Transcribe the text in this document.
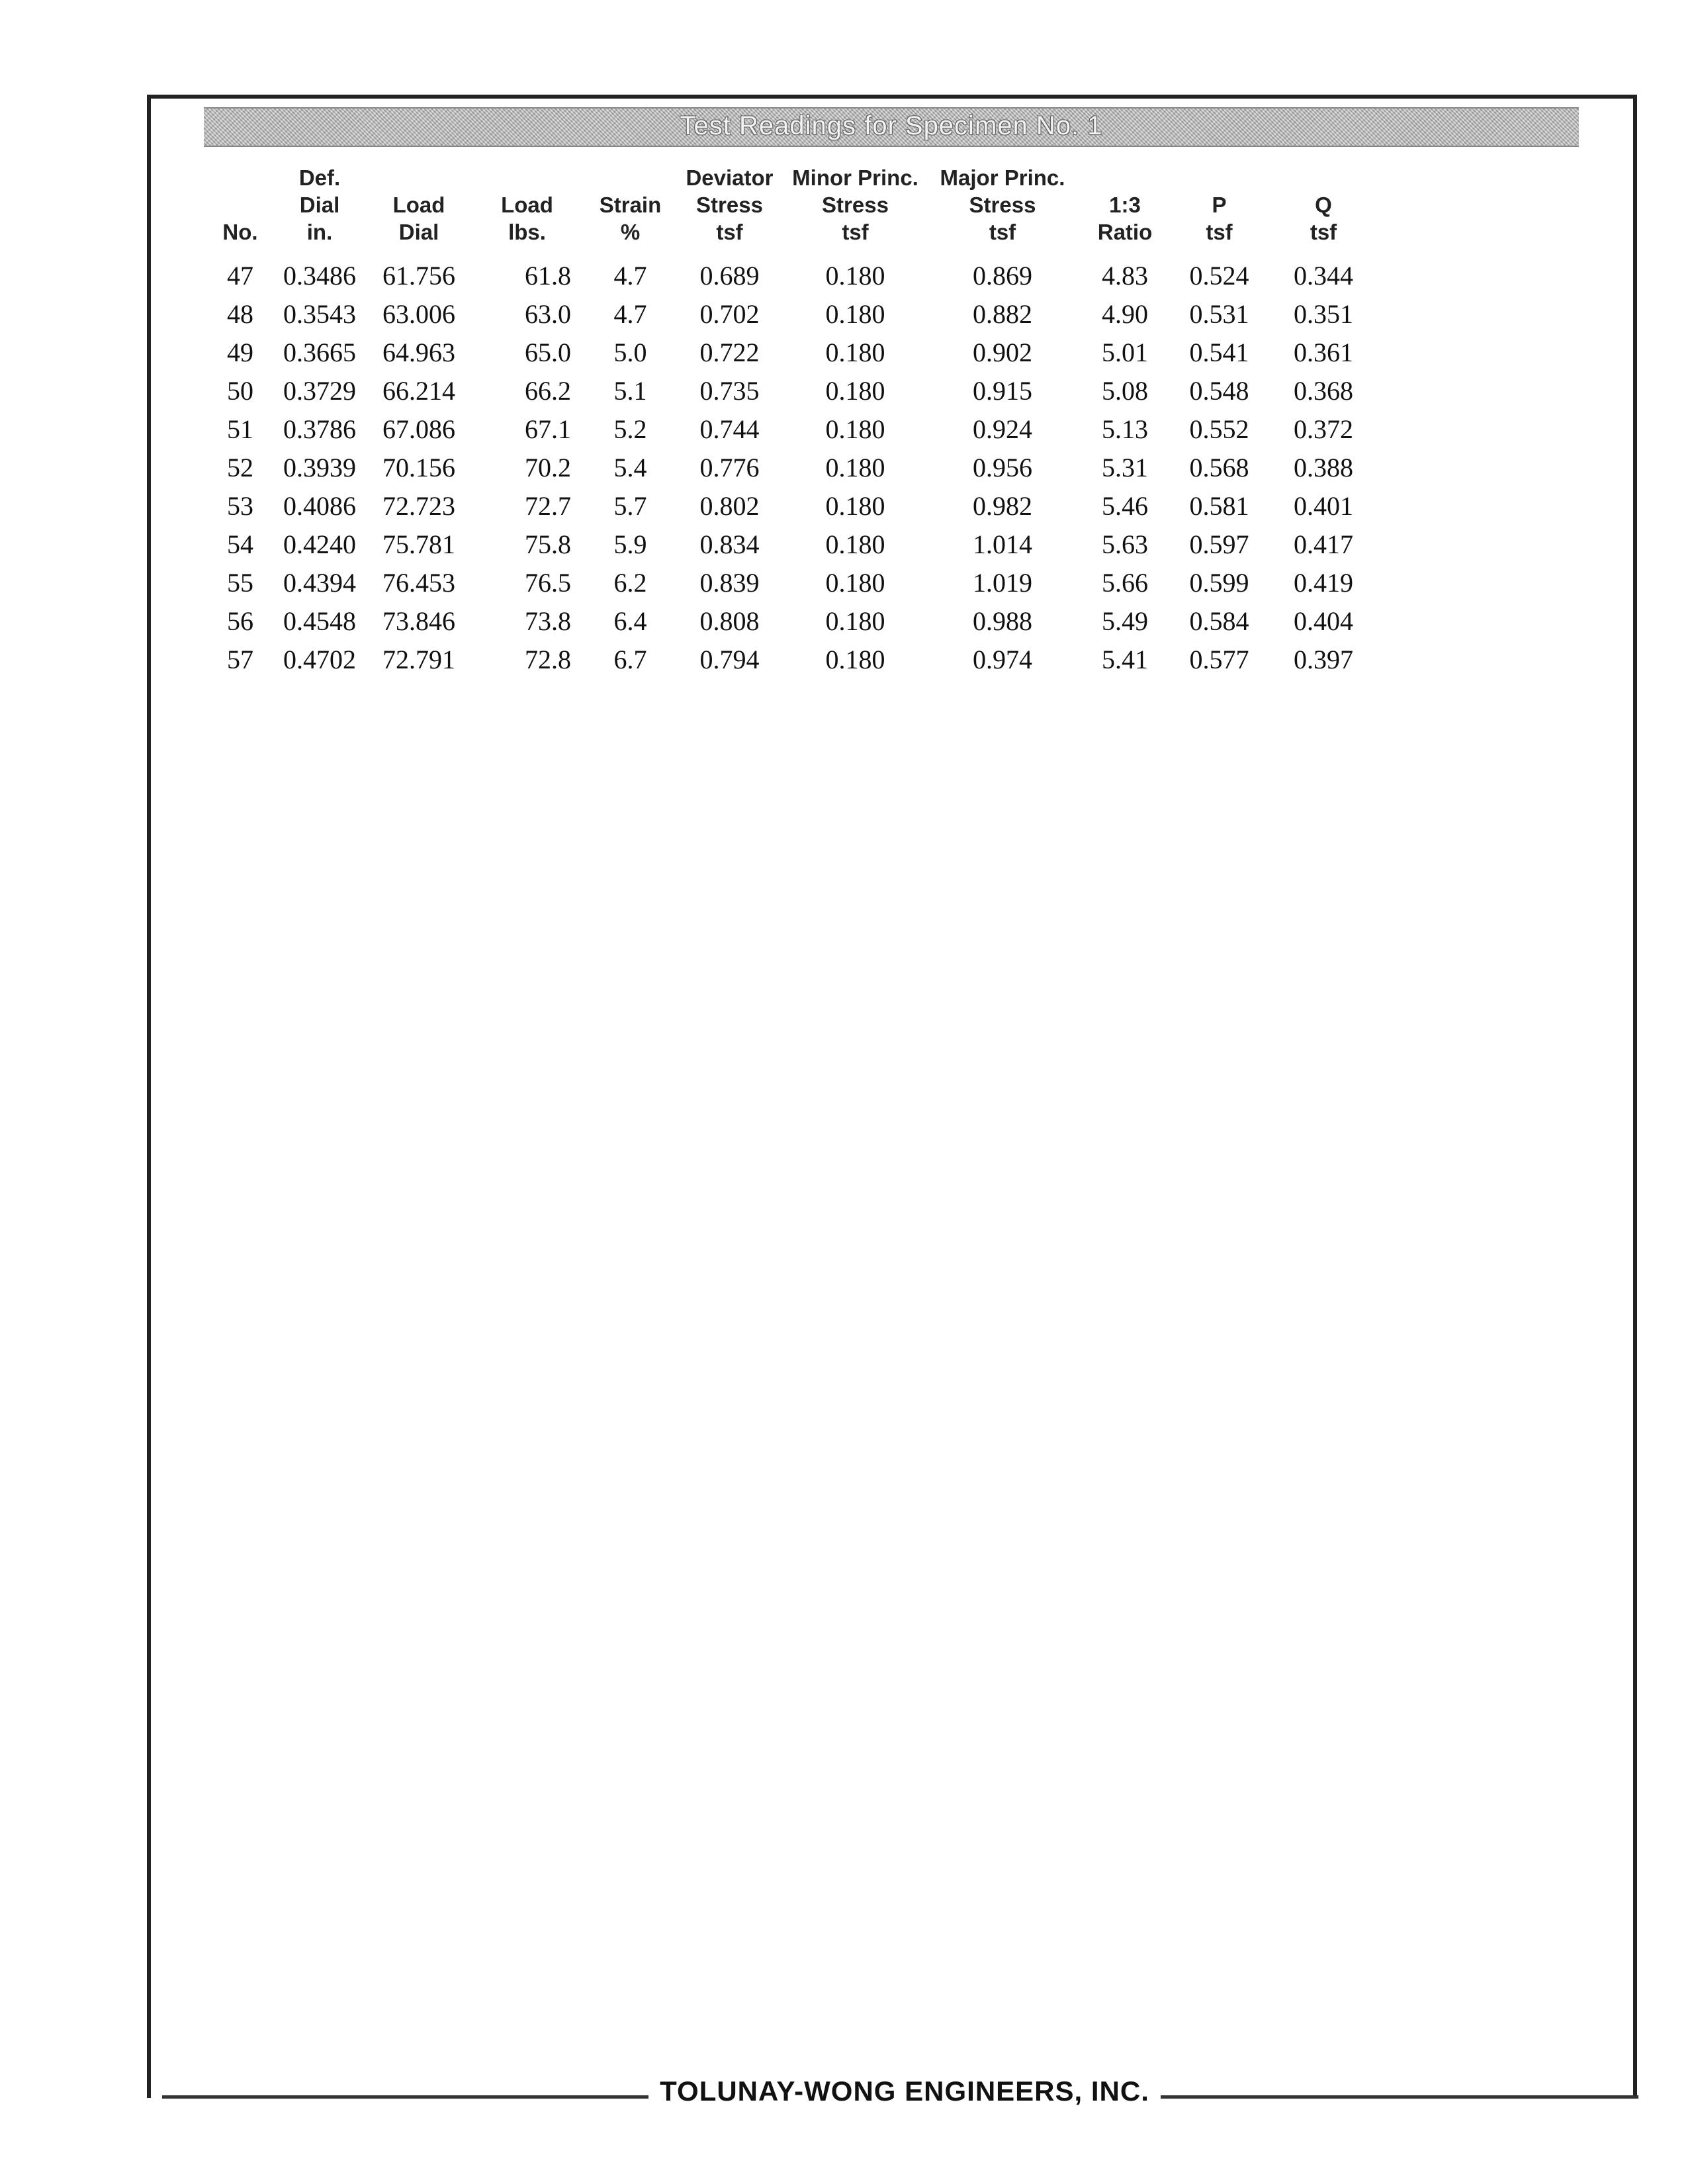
Test Readings for Specimen No. 1
No.	Def.
Dial
in.	Load
Dial	Load
lbs.	Strain
%	Deviator
Stress
tsf	Minor Princ.
Stress
tsf	Major Princ.
Stress
tsf	1:3
Ratio	P
tsf	Q
tsf

47	0.3486	61.756	61.8	4.7	0.689	0.180	0.869	4.83	0.524	0.344
48	0.3543	63.006	63.0	4.7	0.702	0.180	0.882	4.90	0.531	0.351
49	0.3665	64.963	65.0	5.0	0.722	0.180	0.902	5.01	0.541	0.361
50	0.3729	66.214	66.2	5.1	0.735	0.180	0.915	5.08	0.548	0.368
51	0.3786	67.086	67.1	5.2	0.744	0.180	0.924	5.13	0.552	0.372
52	0.3939	70.156	70.2	5.4	0.776	0.180	0.956	5.31	0.568	0.388
53	0.4086	72.723	72.7	5.7	0.802	0.180	0.982	5.46	0.581	0.401
54	0.4240	75.781	75.8	5.9	0.834	0.180	1.014	5.63	0.597	0.417
55	0.4394	76.453	76.5	6.2	0.839	0.180	1.019	5.66	0.599	0.419
56	0.4548	73.846	73.8	6.4	0.808	0.180	0.988	5.49	0.584	0.404
57	0.4702	72.791	72.8	6.7	0.794	0.180	0.974	5.41	0.577	0.397
TOLUNAY-WONG ENGINEERS, INC.
